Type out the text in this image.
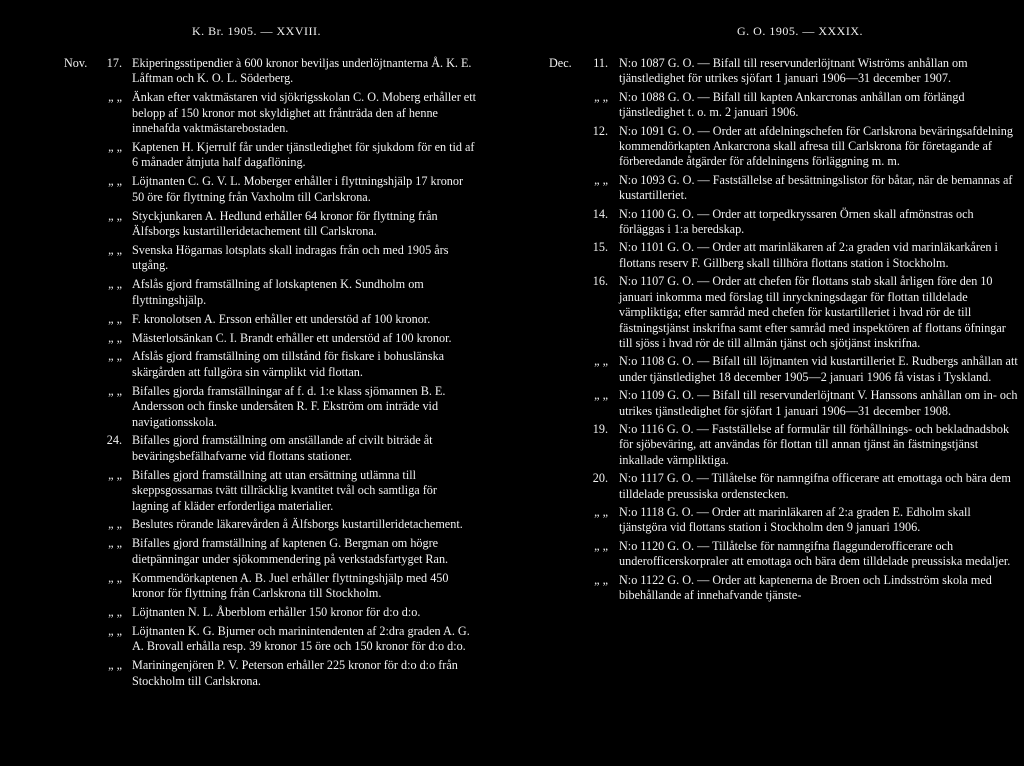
K. Br. 1905. — XXVIII.
Nov.	17. Ekiperingsstipendier à 600 kronor beviljas underlöjtnanterna Å. K. E. Låftman och K. O. L. Söderberg.
„ „ Änkan efter vaktmästaren vid sjökrigsskolan C. O. Moberg erhåller ett belopp af 150 kronor mot skyldighet att frånträda den af henne innehafda vaktmästarebostaden.
„ „ Kaptenen H. Kjerrulf får under tjänstledighet för sjukdom för en tid af 6 månader åtnjuta half dagaflöning.
„ „ Löjtnanten C. G. V. L. Moberger erhåller i flyttningshjälp 17 kronor 50 öre för flyttning från Vaxholm till Carlskrona.
„ „ Styckjunkaren A. Hedlund erhåller 64 kronor för flyttning från Älfsborgs kustartilleridetachement till Carlskrona.
„ „ Svenska Högarnas lotsplats skall indragas från och med 1905 års utgång.
„ „ Afslås gjord framställning af lotskaptenen K. Sundholm om flyttningshjälp.
„ „ F. kronolotsen A. Ersson erhåller ett understöd af 100 kronor.
„ „ Mästerlotsänkan C. I. Brandt erhåller ett understöd af 100 kronor.
„ „ Afslås gjord framställning om tillstånd för fiskare i bohuslänska skärgården att fullgöra sin värnplikt vid flottan.
„ „ Bifalles gjorda framställningar af f. d. 1:e klass sjömannen B. E. Andersson och finske undersåten R. F. Ekström om inträde vid navigationsskola.
24. Bifalles gjord framställning om anställande af civilt biträde åt beväringsbefälhafvarne vid flottans stationer.
„ „ Bifalles gjord framställning att utan ersättning utlämna till skeppsgossarnas tvätt tillräcklig kvantitet tvål och samtliga för lagning af kläder erforderliga materialier.
„ „ Beslutes rörande läkarevården å Älfsborgs kustartilleridetachement.
„ „ Bifalles gjord framställning af kaptenen G. Bergman om högre dietpänningar under sjökommendering på verkstadsfartyget Ran.
„ „ Kommendörkaptenen A. B. Juel erhåller flyttningshjälp med 450 kronor för flyttning från Carlskrona till Stockholm.
„ „ Löjtnanten N. L. Åberblom erhåller 150 kronor för d:o d:o.
„ „ Löjtnanten K. G. Bjurner och marinintendenten af 2:dra graden A. G. A. Brovall erhålla resp. 39 kronor 15 öre och 150 kronor för d:o d:o.
„ „ Mariningenjören P. V. Peterson erhåller 225 kronor för d:o d:o från Stockholm till Carlskrona.
G. O. 1905. — XXXIX.
Dec.	11. N:o 1087 G. O. — Bifall till reservunderlöjtnant Wiströms anhållan om tjänstledighet för utrikes sjöfart 1 januari 1906—31 december 1907.
„ „ N:o 1088 G. O. — Bifall till kapten Ankarcronas anhållan om förlängd tjänstledighet t. o. m. 2 januari 1906.
12. N:o 1091 G. O. — Order att afdelningschefen för Carlskrona beväringsafdelning kommendörkapten Ankarcrona skall afresa till Carlskrona för företagande af förberedande åtgärder för afdelningens förläggning m. m.
„ „ N:o 1093 G. O. — Fastställelse af besättningslistor för båtar, när de bemannas af kustartilleriet.
14. N:o 1100 G. O. — Order att torpedkryssaren Örnen skall afmönstras och förläggas i 1:a beredskap.
15. N:o 1101 G. O. — Order att marinläkaren af 2:a graden vid marinläkarkåren i flottans reserv F. Gillberg skall tillhöra flottans station i Stockholm.
16. N:o 1107 G. O. — Order att chefen för flottans stab skall årligen före den 10 januari inkomma med förslag till inryckningsdagar för flottan tilldelade värnpliktiga; efter samråd med chefen för kustartilleriet i hvad rör de till fästningstjänst inskrifna samt efter samråd med inspektören af flottans öfningar till sjöss i hvad rör de till allmän tjänst och sjötjänst inskrifna.
„ „ N:o 1108 G. O. — Bifall till löjtnanten vid kustartilleriet E. Rudbergs anhållan att under tjänstledighet 18 december 1905—2 januari 1906 få vistas i Tyskland.
„ „ N:o 1109 G. O. — Bifall till reservunderlöjtnant V. Hanssons anhållan om in- och utrikes tjänstledighet för sjöfart 1 januari 1906—31 december 1908.
19. N:o 1116 G. O. — Fastställelse af formulär till förhållnings- och bekladnadsbok för sjöbeväring, att användas för flottan till annan tjänst än fästningstjänst inkallade värnpliktiga.
20. N:o 1117 G. O. — Tillåtelse för namngifna officerare att emottaga och bära dem tilldelade preussiska ordenstecken.
„ „ N:o 1118 G. O. — Order att marinläkaren af 2:a graden E. Edholm skall tjänstgöra vid flottans station i Stockholm den 9 januari 1906.
„ „ N:o 1120 G. O. — Tillåtelse för namngifna flaggunderofficerare och underofficerskorpraler att emottaga och bära dem tilldelade preussiska medaljer.
„ „ N:o 1122 G. O. — Order att kaptenerna de Broen och Lindsström skola med bibehållande af innehafvande tjänste-
